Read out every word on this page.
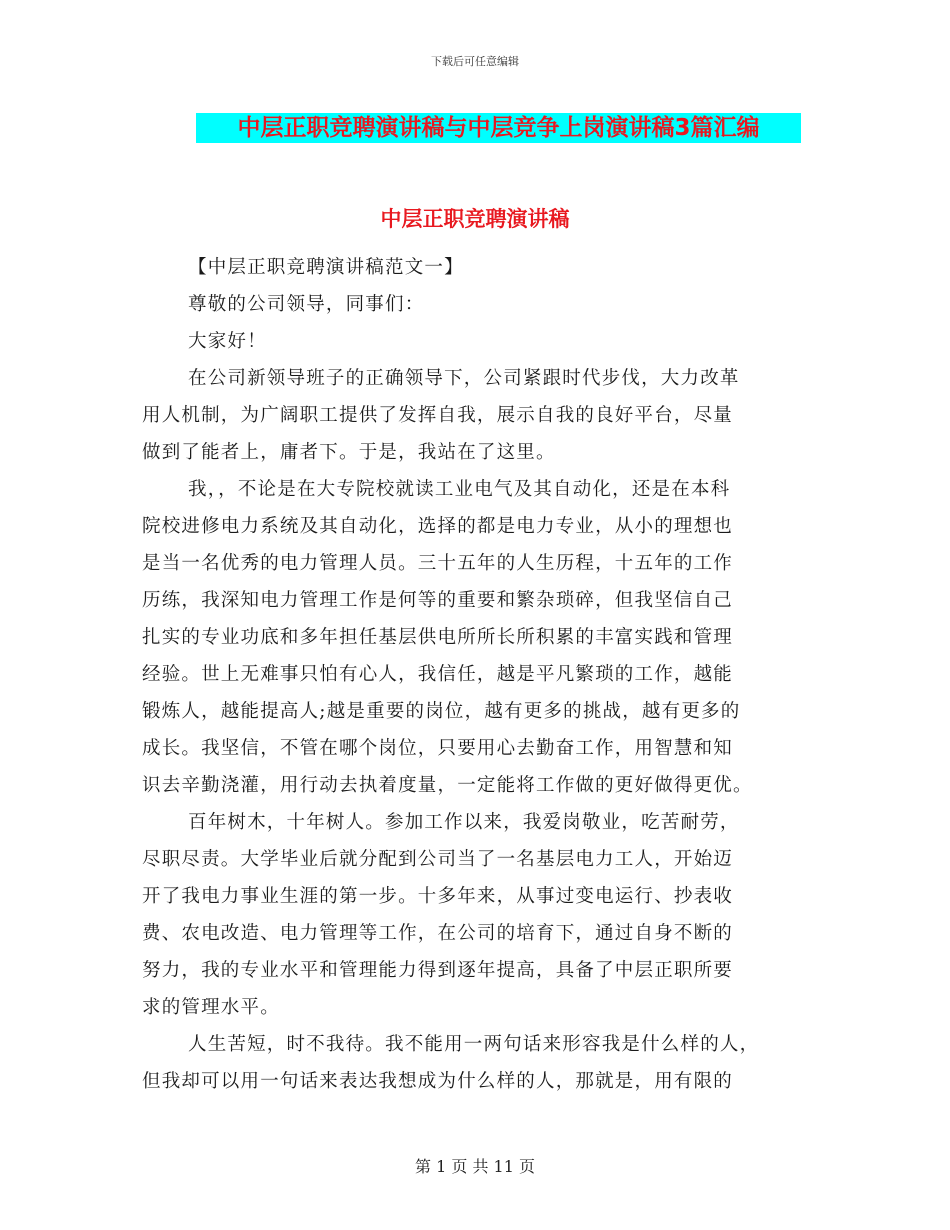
下载后可任意编辑
中层正职竞聘演讲稿与中层竞争上岗演讲稿3篇汇编
中层正职竞聘演讲稿
【中层正职竞聘演讲稿范文一】
尊敬的公司领导，同事们：
大家好！
在公司新领导班子的正确领导下，公司紧跟时代步伐，大力改革
用人机制，为广阔职工提供了发挥自我，展示自我的良好平台，尽量
做到了能者上，庸者下。于是，我站在了这里。
我，，不论是在大专院校就读工业电气及其自动化，还是在本科
院校进修电力系统及其自动化，选择的都是电力专业，从小的理想也
是当一名优秀的电力管理人员。三十五年的人生历程，十五年的工作
历练，我深知电力管理工作是何等的重要和繁杂琐碎，但我坚信自己
扎实的专业功底和多年担任基层供电所所长所积累的丰富实践和管理
经验。世上无难事只怕有心人，我信任，越是平凡繁琐的工作，越能
锻炼人，越能提高人;越是重要的岗位，越有更多的挑战，越有更多的
成长。我坚信，不管在哪个岗位，只要用心去勤奋工作，用智慧和知
识去辛勤浇灌，用行动去执着度量，一定能将工作做的更好做得更优。
百年树木，十年树人。参加工作以来，我爱岗敬业，吃苦耐劳，
尽职尽责。大学毕业后就分配到公司当了一名基层电力工人，开始迈
开了我电力事业生涯的第一步。十多年来，从事过变电运行、抄表收
费、农电改造、电力管理等工作，在公司的培育下，通过自身不断的
努力，我的专业水平和管理能力得到逐年提高，具备了中层正职所要
求的管理水平。
人生苦短，时不我待。我不能用一两句话来形容我是什么样的人，
但我却可以用一句话来表达我想成为什么样的人，那就是，用有限的
第 1 页 共 11 页
